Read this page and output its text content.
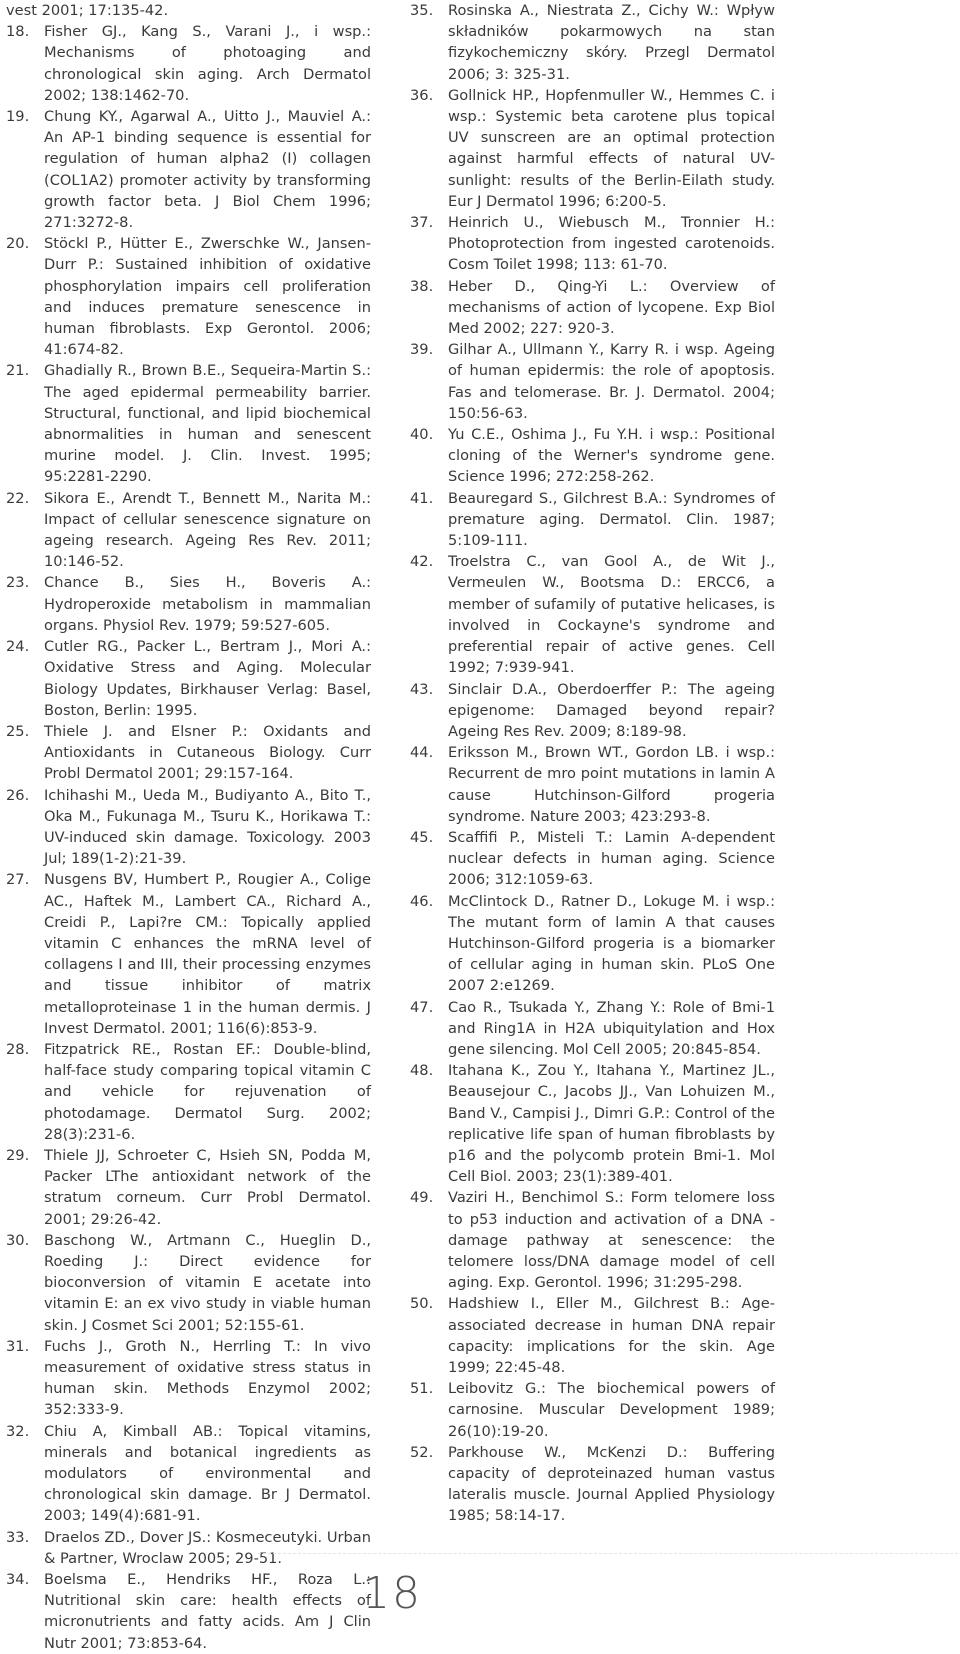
vest 2001; 17:135-42.
18.	Fisher GJ., Kang S., Varani J., i wsp.: Mechanisms of photoaging and chronological skin aging. Arch Dermatol 2002; 138:1462-70.
19.	Chung KY., Agarwal A., Uitto J., Mauviel A.: An AP-1 binding sequence is essential for regulation of human alpha2 (I) collagen (COL1A2) promoter activity by transforming growth factor beta. J Biol Chem 1996; 271:3272-8.
20.	Stöckl P., Hütter E., Zwerschke W., Jansen-Durr P.: Sustained inhibition of oxidative phosphorylation impairs cell proliferation and induces premature senescence in human fibroblasts. Exp Gerontol. 2006; 41:674-82.
21.	Ghadially R., Brown B.E., Sequeira-Martin S.: The aged epidermal permeability barrier. Structural, functional, and lipid biochemical abnormalities in human and senescent murine model. J. Clin. Invest. 1995; 95:2281-2290.
22.	Sikora E., Arendt T., Bennett M., Narita M.: Impact of cellular senescence signature on ageing research. Ageing Res Rev. 2011; 10:146-52.
23.	Chance B., Sies H., Boveris A.: Hydroperoxide metabolism in mammalian organs. Physiol Rev. 1979; 59:527-605.
24.	Cutler RG., Packer L., Bertram J., Mori A.: Oxidative Stress and Aging. Molecular Biology Updates, Birkhauser Verlag: Basel, Boston, Berlin: 1995.
25.	Thiele J. and Elsner P.: Oxidants and Antioxidants in Cutaneous Biology. Curr Probl Dermatol 2001; 29:157-164.
26.	Ichihashi M., Ueda M., Budiyanto A., Bito T., Oka M., Fukunaga M., Tsuru K., Horikawa T.: UV-induced skin damage. Toxicology. 2003 Jul; 189(1-2):21-39.
27.	Nusgens BV, Humbert P., Rougier A., Colige AC., Haftek M., Lambert CA., Richard A., Creidi P., Lapi?re CM.: Topically applied vitamin C enhances the mRNA level of collagens I and III, their processing enzymes and tissue inhibitor of matrix metalloproteinase 1 in the human dermis. J Invest Dermatol. 2001; 116(6):853-9.
28.	Fitzpatrick RE., Rostan EF.: Double-blind, half-face study comparing topical vitamin C and vehicle for rejuvenation of photodamage. Dermatol Surg. 2002; 28(3):231-6.
29.	Thiele JJ, Schroeter C, Hsieh SN, Podda M, Packer LThe antioxidant network of the stratum corneum. Curr Probl Dermatol. 2001; 29:26-42.
30.	Baschong W., Artmann C., Hueglin D., Roeding J.: Direct evidence for bioconversion of vitamin E acetate into vitamin E: an ex vivo study in viable human skin. J Cosmet Sci 2001; 52:155-61.
31.	Fuchs J., Groth N., Herrling T.: In vivo measurement of oxidative stress status in human skin. Methods Enzymol 2002; 352:333-9.
32.	Chiu A, Kimball AB.: Topical vitamins, minerals and botanical ingredients as modulators of environmental and chronological skin damage. Br J Dermatol. 2003; 149(4):681-91.
33.	Draelos ZD., Dover JS.: Kosmeceutyki. Urban & Partner, Wroclaw 2005; 29-51.
34.	Boelsma E., Hendriks HF., Roza L.: Nutritional skin care: health effects of micronutrients and fatty acids. Am J Clin Nutr 2001; 73:853-64.
35.	Rosinska A., Niestrata Z., Cichy W.: Wpływ składników pokarmowych na stan fizykochemiczny skóry. Przegl Dermatol 2006; 3: 325-31.
36.	Gollnick HP., Hopfenmuller W., Hemmes C. i wsp.: Systemic beta carotene plus topical UV sunscreen are an optimal protection against harmful effects of natural UV-sunlight: results of the Berlin-Eilath study. Eur J Dermatol 1996; 6:200-5.
37.	Heinrich U., Wiebusch M., Tronnier H.: Photoprotection from ingested carotenoids. Cosm Toilet 1998; 113: 61-70.
38.	Heber D., Qing-Yi L.: Overview of mechanisms of action of lycopene. Exp Biol Med 2002; 227: 920-3.
39.	Gilhar A., Ullmann Y., Karry R. i wsp. Ageing of human epidermis: the role of apoptosis. Fas and telomerase. Br. J. Dermatol. 2004; 150:56-63.
40.	Yu C.E., Oshima J., Fu Y.H. i wsp.: Positional cloning of the Werner's syndrome gene. Science 1996; 272:258-262.
41.	Beauregard S., Gilchrest B.A.: Syndromes of premature aging. Dermatol. Clin. 1987; 5:109-111.
42.	Troelstra C., van Gool A., de Wit J., Vermeulen W., Bootsma D.: ERCC6, a member of sufamily of putative helicases, is involved in Cockayne's syndrome and preferential repair of active genes. Cell 1992; 7:939-941.
43.	Sinclair D.A., Oberdoerffer P.: The ageing epigenome: Damaged beyond repair? Ageing Res Rev. 2009; 8:189-98.
44.	Eriksson M., Brown WT., Gordon LB. i wsp.: Recurrent de mro point mutations in lamin A cause Hutchinson-Gilford progeria syndrome. Nature 2003; 423:293-8.
45.	Scaffifi P., Misteli T.: Lamin A-dependent nuclear defects in human aging. Science 2006; 312:1059-63.
46.	McClintock D., Ratner D., Lokuge M. i wsp.: The mutant form of lamin A that causes Hutchinson-Gilford progeria is a biomarker of cellular aging in human skin. PLoS One 2007 2:e1269.
47.	Cao R., Tsukada Y., Zhang Y.: Role of Bmi-1 and Ring1A in H2A ubiquitylation and Hox gene silencing. Mol Cell 2005; 20:845-854.
48.	Itahana K., Zou Y., Itahana Y., Martinez JL., Beausejour C., Jacobs JJ., Van Lohuizen M., Band V., Campisi J., Dimri G.P.: Control of the replicative life span of human fibroblasts by p16 and the polycomb protein Bmi-1. Mol Cell Biol. 2003; 23(1):389-401.
49.	Vaziri H., Benchimol S.: Form telomere loss to p53 induction and activation of a DNA - damage pathway at senescence: the telomere loss/DNA damage model of cell aging. Exp. Gerontol. 1996; 31:295-298.
50.	Hadshiew I., Eller M., Gilchrest B.: Age-associated decrease in human DNA repair capacity: implications for the skin. Age 1999; 22:45-48.
51.	Leibovitz G.: The biochemical powers of carnosine. Muscular Development 1989; 26(10):19-20.
52.	Parkhouse W., McKenzi D.: Buffering capacity of deproteinazed human vastus lateralis muscle. Journal Applied Physiology 1985; 58:14-17.
18
